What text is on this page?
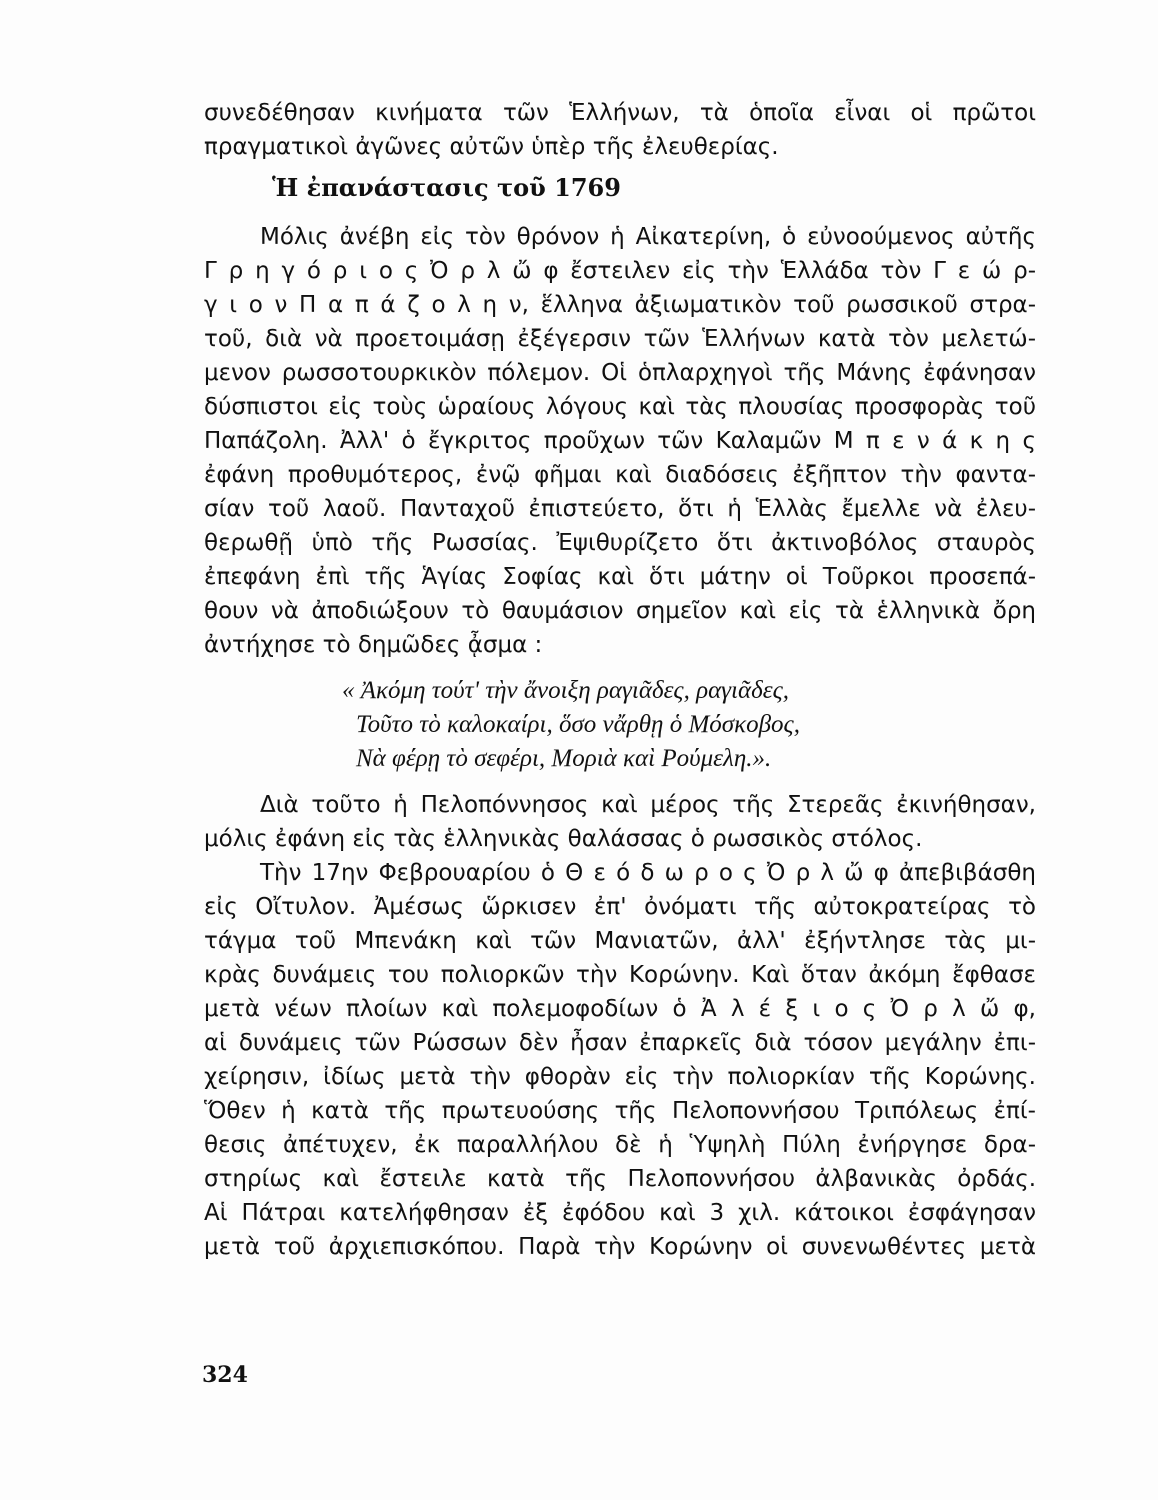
συνεδέθησαν κινήματα τῶν Ἑλλήνων, τὰ ὁποῖα εἶναι οἱ πρῶτοι
πραγματικοὶ ἀγῶνες αὐτῶν ὑπὲρ τῆς ἐλευθερίας.
Ἡ ἐπανάστασις τοῦ 1769
Μόλις ἀνέβη εἰς τὸν θρόνον ἡ Αἰκατερίνη, ὁ εὐνοούμενος αὐτῆς
Γ ρ η γ ό ρ ι ο ς Ὀ ρ λ ὤ φ ἔστειλεν εἰς τὴν Ἑλλάδα τὸν Γ ε ώ ρ-
γ ι ο ν Π α π ά ζ ο λ η ν, ἕλληνα ἀξιωματικὸν τοῦ ρωσσικοῦ στρα-
τοῦ, διὰ νὰ προετοιμάσῃ ἐξέγερσιν τῶν Ἑλλήνων κατὰ τὸν μελετώ-
μενον ρωσσοτουρκικὸν πόλεμον. Οἱ ὁπλαρχηγοὶ τῆς Μάνης ἐφάνησαν
δύσπιστοι εἰς τοὺς ὡραίους λόγους καὶ τὰς πλουσίας προσφορὰς τοῦ
Παπάζολη. Ἀλλ' ὁ ἔγκριτος προῦχων τῶν Καλαμῶν Μ π ε ν ά κ η ς
ἐφάνη προθυμότερος, ἐνῷ φῆμαι καὶ διαδόσεις ἐξῆπτον τὴν φαντα-
σίαν τοῦ λαοῦ. Πανταχοῦ ἐπιστεύετο, ὅτι ἡ Ἑλλὰς ἔμελλε νὰ ἐλευ-
θερωθῇ ὑπὸ τῆς Ρωσσίας. Ἐψιθυρίζετο ὅτι ἀκτινοβόλος σταυρὸς
ἐπεφάνη ἐπὶ τῆς Ἁγίας Σοφίας καὶ ὅτι μάτην οἱ Τοῦρκοι προσεπά-
θουν νὰ ἀποδιώξουν τὸ θαυμάσιον σημεῖον καὶ εἰς τὰ ἑλληνικὰ ὄρη
ἀντήχησε τὸ δημῶδες ᾆσμα :
« Ἀκόμη τούτ' τὴν ἄνοιξη ραγιᾶδες, ραγιᾶδες,
Τοῦτο τὸ καλοκαίρι, ὅσο νἄρθῃ ὁ Μόσκοβος,
Νὰ φέρῃ τὸ σεφέρι, Μοριὰ καὶ Ρούμελη.».
Διὰ τοῦτο ἡ Πελοπόννησος καὶ μέρος τῆς Στερεᾶς ἐκινήθησαν,
μόλις ἐφάνη εἰς τὰς ἑλληνικὰς θαλάσσας ὁ ρωσσικὸς στόλος.
Τὴν 17ην Φεβρουαρίου ὁ Θ ε ό δ ω ρ ο ς Ὀ ρ λ ὤ φ ἀπεβιβάσθη
εἰς Οἴτυλον. Ἀμέσως ὥρκισεν ἐπ' ὀνόματι τῆς αὐτοκρατείρας τὸ
τάγμα τοῦ Μπενάκη καὶ τῶν Μανιατῶν, ἀλλ' ἐξήντλησε τὰς μι-
κρὰς δυνάμεις του πολιορκῶν τὴν Κορώνην. Καὶ ὅταν ἀκόμη ἔφθασε
μετὰ νέων πλοίων καὶ πολεμοφοδίων ὁ Ἀ λ έ ξ ι ο ς Ὀ ρ λ ὤ φ,
αἱ δυνάμεις τῶν Ρώσσων δὲν ἦσαν ἐπαρκεῖς διὰ τόσον μεγάλην ἐπι-
χείρησιν, ἰδίως μετὰ τὴν φθορὰν εἰς τὴν πολιορκίαν τῆς Κορώνης.
Ὅθεν ἡ κατὰ τῆς πρωτευούσης τῆς Πελοποννήσου Τριπόλεως ἐπί-
θεσις ἀπέτυχεν, ἐκ παραλλήλου δὲ ἡ Ὑψηλὴ Πύλη ἐνήργησε δρα-
στηρίως καὶ ἔστειλε κατὰ τῆς Πελοποννήσου ἀλβανικὰς ὀρδάς.
Αἱ Πάτραι κατελήφθησαν ἐξ ἐφόδου καὶ 3 χιλ. κάτοικοι ἐσφάγησαν
μετὰ τοῦ ἀρχιεπισκόπου. Παρὰ τὴν Κορώνην οἱ συνενωθέντες μετὰ
324
